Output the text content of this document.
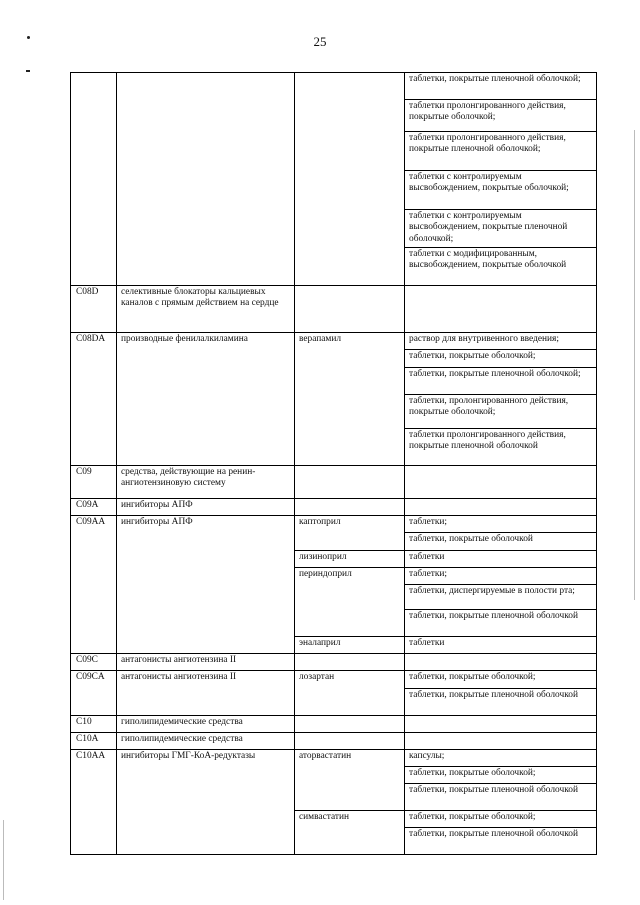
25
			таблетки, покрытые пленочной оболочкой;
			таблетки пролонгированного действия, покрытые оболочкой;
			таблетки пролонгированного действия, покрытые пленочной оболочкой;
			таблетки с контролируемым высвобождением, покрытые оболочкой;
			таблетки с контролируемым высвобождением, покрытые пленочной оболочкой;
			таблетки с модифицированным, высвобождением, покрытые оболочкой
C08D	селективные блокаторы кальциевых каналов с прямым действием на сердце		
C08DA	производные фенилалкиламина	верапамил	раствор для внутривенного введения;
			таблетки, покрытые оболочкой;
			таблетки, покрытые пленочной оболочкой;
			таблетки, пролонгированного действия, покрытые оболочкой;
			таблетки пролонгированного действия, покрытые пленочной оболочкой
C09	средства, действующие на ренин-ангиотензиновую систему		
C09A	ингибиторы АПФ		
C09AA	ингибиторы АПФ	каптоприл	таблетки;
			таблетки, покрытые оболочкой
		лизиноприл	таблетки
		периндоприл	таблетки;
			таблетки, диспергируемые в полости рта;
			таблетки, покрытые пленочной оболочкой
		эналаприл	таблетки
C09C	антагонисты ангиотензина II		
C09CA	антагонисты ангиотензина II	лозартан	таблетки, покрытые оболочкой;
			таблетки, покрытые пленочной оболочкой
C10	гиполипидемические средства		
C10A	гиполипидемические средства		
C10AA	ингибиторы ГМГ-КоА-редуктазы	аторвастатин	капсулы;
			таблетки, покрытые оболочкой;
			таблетки, покрытые пленочной оболочкой
		симвастатин	таблетки, покрытые оболочкой;
			таблетки, покрытые пленочной оболочкой
